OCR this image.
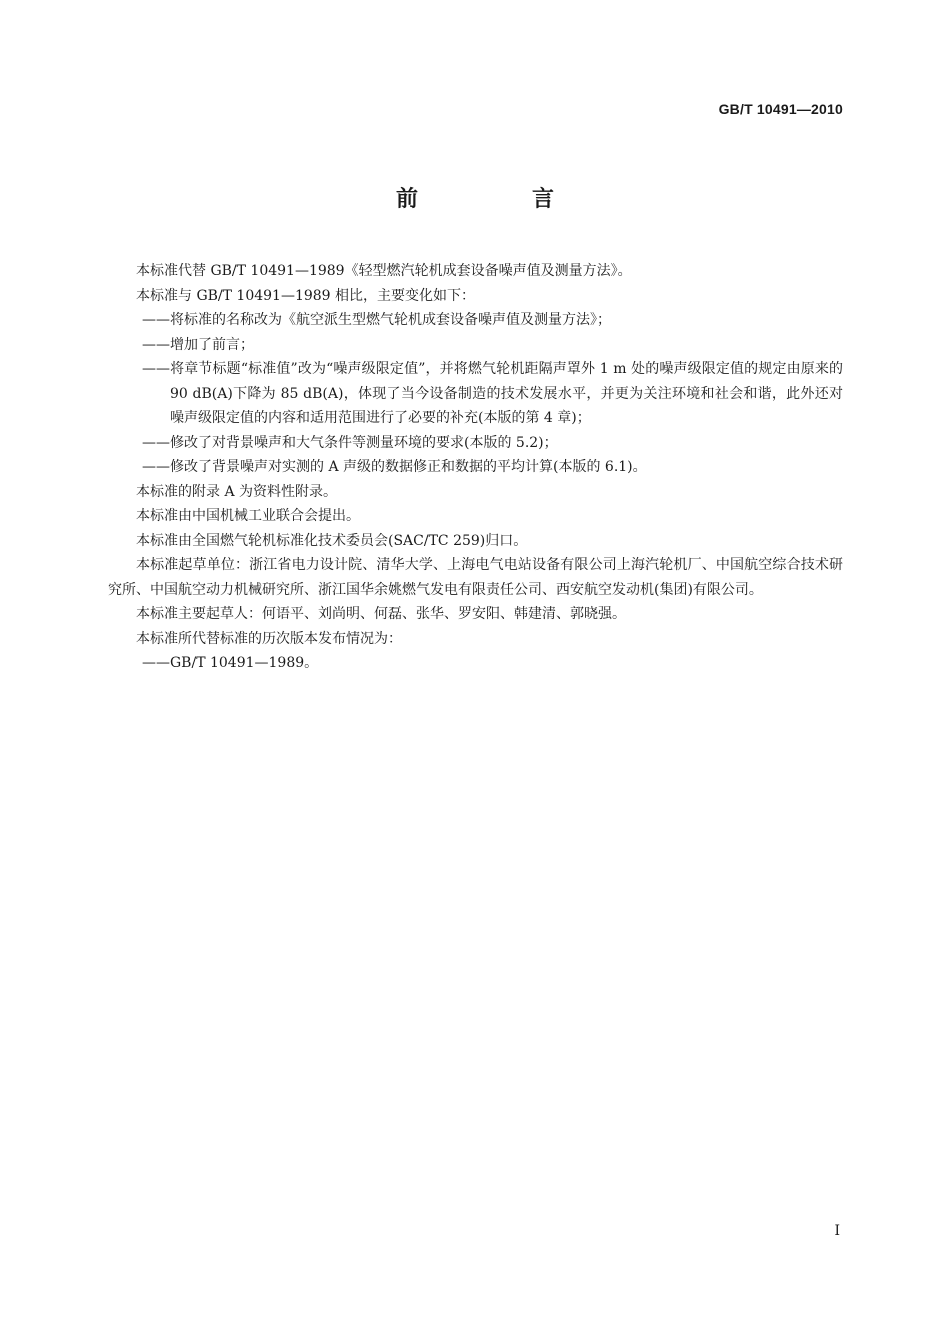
GB/T 10491—2010
前　言

本标准代替 GB/T 10491—1989《轻型燃汽轮机成套设备噪声值及测量方法》。

本标准与 GB/T 10491—1989 相比，主要变化如下：

——将标准的名称改为《航空派生型燃气轮机成套设备噪声值及测量方法》；

——增加了前言；

——将章节标题“标准值”改为“噪声级限定值”，并将燃气轮机距隔声罩外 1 m 处的噪声级限定值的规定由原来的 90 dB(A)下降为 85 dB(A)，体现了当今设备制造的技术发展水平，并更为关注环境和社会和谐，此外还对噪声级限定值的内容和适用范围进行了必要的补充(本版的第 4 章)；

——修改了对背景噪声和大气条件等测量环境的要求(本版的 5.2)；

——修改了背景噪声对实测的 A 声级的数据修正和数据的平均计算(本版的 6.1)。

本标准的附录 A 为资料性附录。

本标准由中国机械工业联合会提出。

本标准由全国燃气轮机标准化技术委员会(SAC/TC 259)归口。

本标准起草单位：浙江省电力设计院、清华大学、上海电气电站设备有限公司上海汽轮机厂、中国航空综合技术研究所、中国航空动力机械研究所、浙江国华余姚燃气发电有限责任公司、西安航空发动机(集团)有限公司。

本标准主要起草人：何语平、刘尚明、何磊、张华、罗安阳、韩建清、郭晓强。

本标准所代替标准的历次版本发布情况为：

——GB/T 10491—1989。

I
